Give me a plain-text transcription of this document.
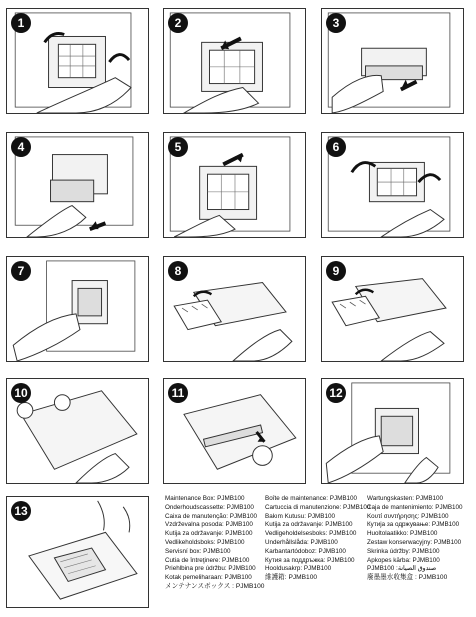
1	2	3
4	5	6
7	8	9
10	11	12
13
Maintenance Box: PJMB100
Onderhoudscassette: PJMB100
Caixa de manutenção: PJMB100
Vzdrževalna posoda: PJMB100
Kutija za održavanje: PJMB100
Vedlikeholdsboks: PJMB100
Servisní box: PJMB100
Cutia de întreţinere: PJMB100
Priehlbina pre údržbu: PJMB100
Kotak pemeliharaan: PJMB100
メンテナンスボックス : PJMB100
Boîte de maintenance: PJMB100
Cartuccia di manutenzione: PJMB100
Bakım Kutusu: PJMB100
Kutija za održavanje: PJMB100
Vedligeholdelsesboks: PJMB100
Underhållslåda: PJMB100
Karbantartódoboz: PJMB100
Кутия за поддръжка: PJMB100
Hooldusakrp: PJMB100
維護箱: PJMB100
Wartungskasten: PJMB100
Caja de mantenimiento: PJMB100
Κουτί συντήρησης: PJMB100
Кутија за одржување: PJMB100
Huoltolaatikko: PJMB100
Zestaw konserwacyjny: PJMB100
Skrinka údržby: PJMB100
Apkopes kārba: PJMB100
PJMB100 :صندوق الصيانة
廢墨墨水收集盒 : PJMB100
